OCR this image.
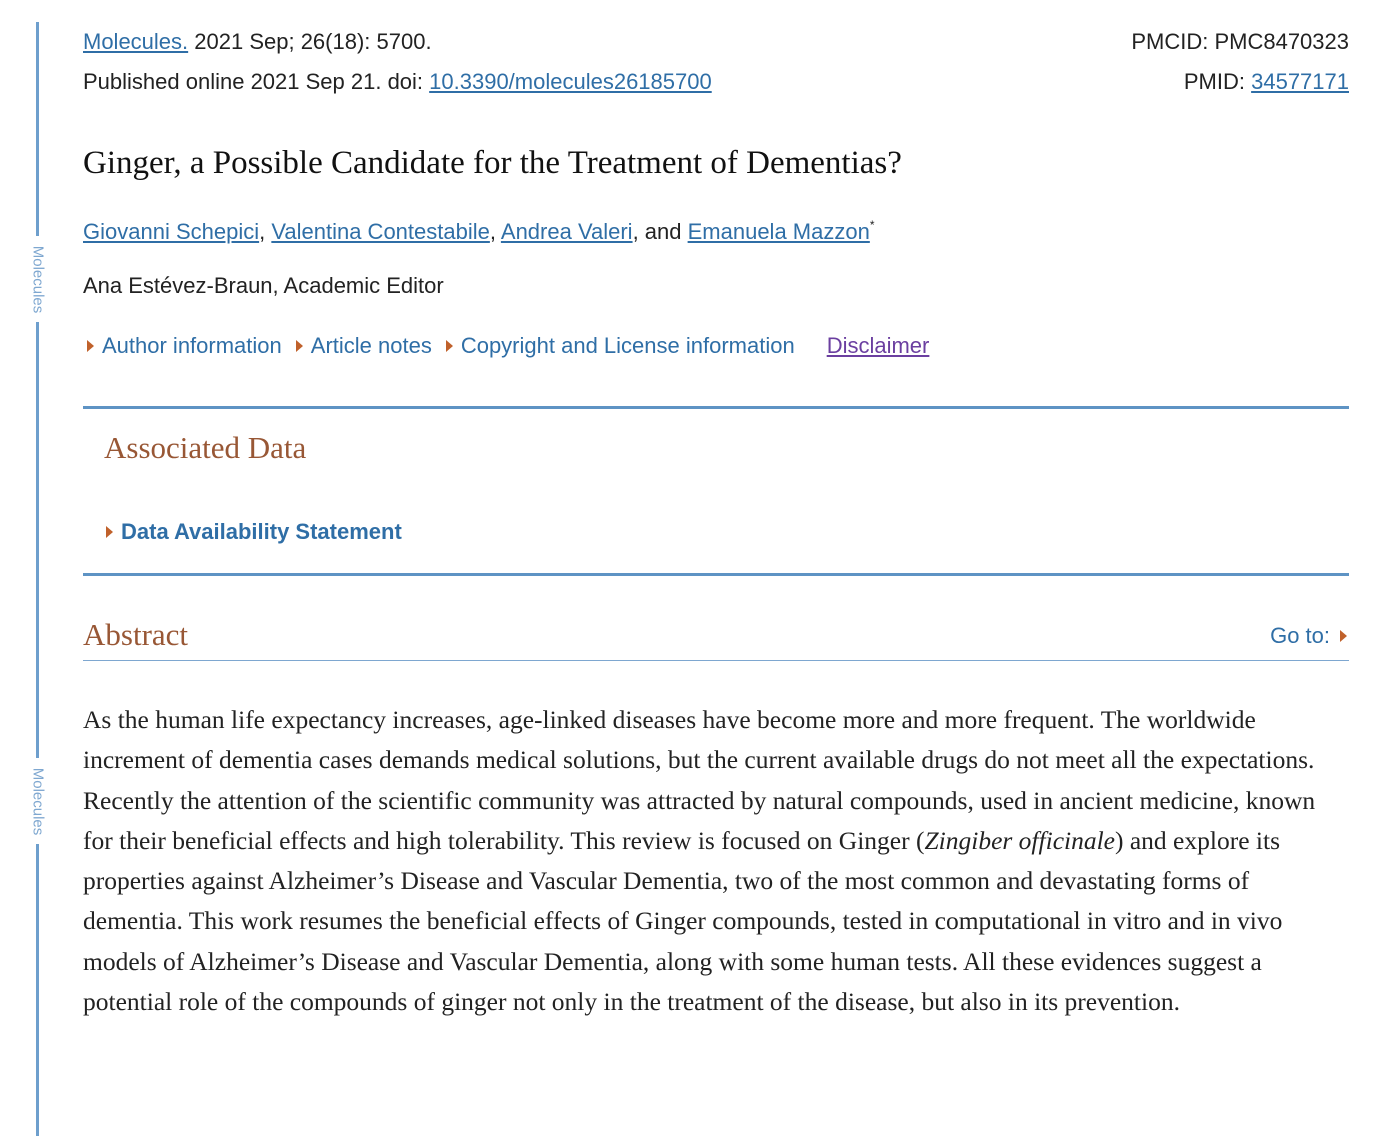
Molecules
Molecules
Molecules. 2021 Sep; 26(18): 5700.	PMCID: PMC8470323
Published online 2021 Sep 21. doi: 10.3390/molecules26185700	PMID: 34577171
Ginger, a Possible Candidate for the Treatment of Dementias?
Giovanni Schepici, Valentina Contestabile, Andrea Valeri, and Emanuela Mazzon*
Ana Estévez-Braun, Academic Editor
Author information Article notes Copyright and License information Disclaimer
Associated Data
Data Availability Statement
Abstract	Go to:

As the human life expectancy increases, age-linked diseases have become more and more frequent. The worldwide increment of dementia cases demands medical solutions, but the current available drugs do not meet all the expectations. Recently the attention of the scientific community was attracted by natural compounds, used in ancient medicine, known for their beneficial effects and high tolerability. This review is focused on Ginger (Zingiber officinale) and explore its properties against Alzheimer’s Disease and Vascular Dementia, two of the most common and devastating forms of dementia. This work resumes the beneficial effects of Ginger compounds, tested in computational in vitro and in vivo models of Alzheimer’s Disease and Vascular Dementia, along with some human tests. All these evidences suggest a potential role of the compounds of ginger not only in the treatment of the disease, but also in its prevention.
